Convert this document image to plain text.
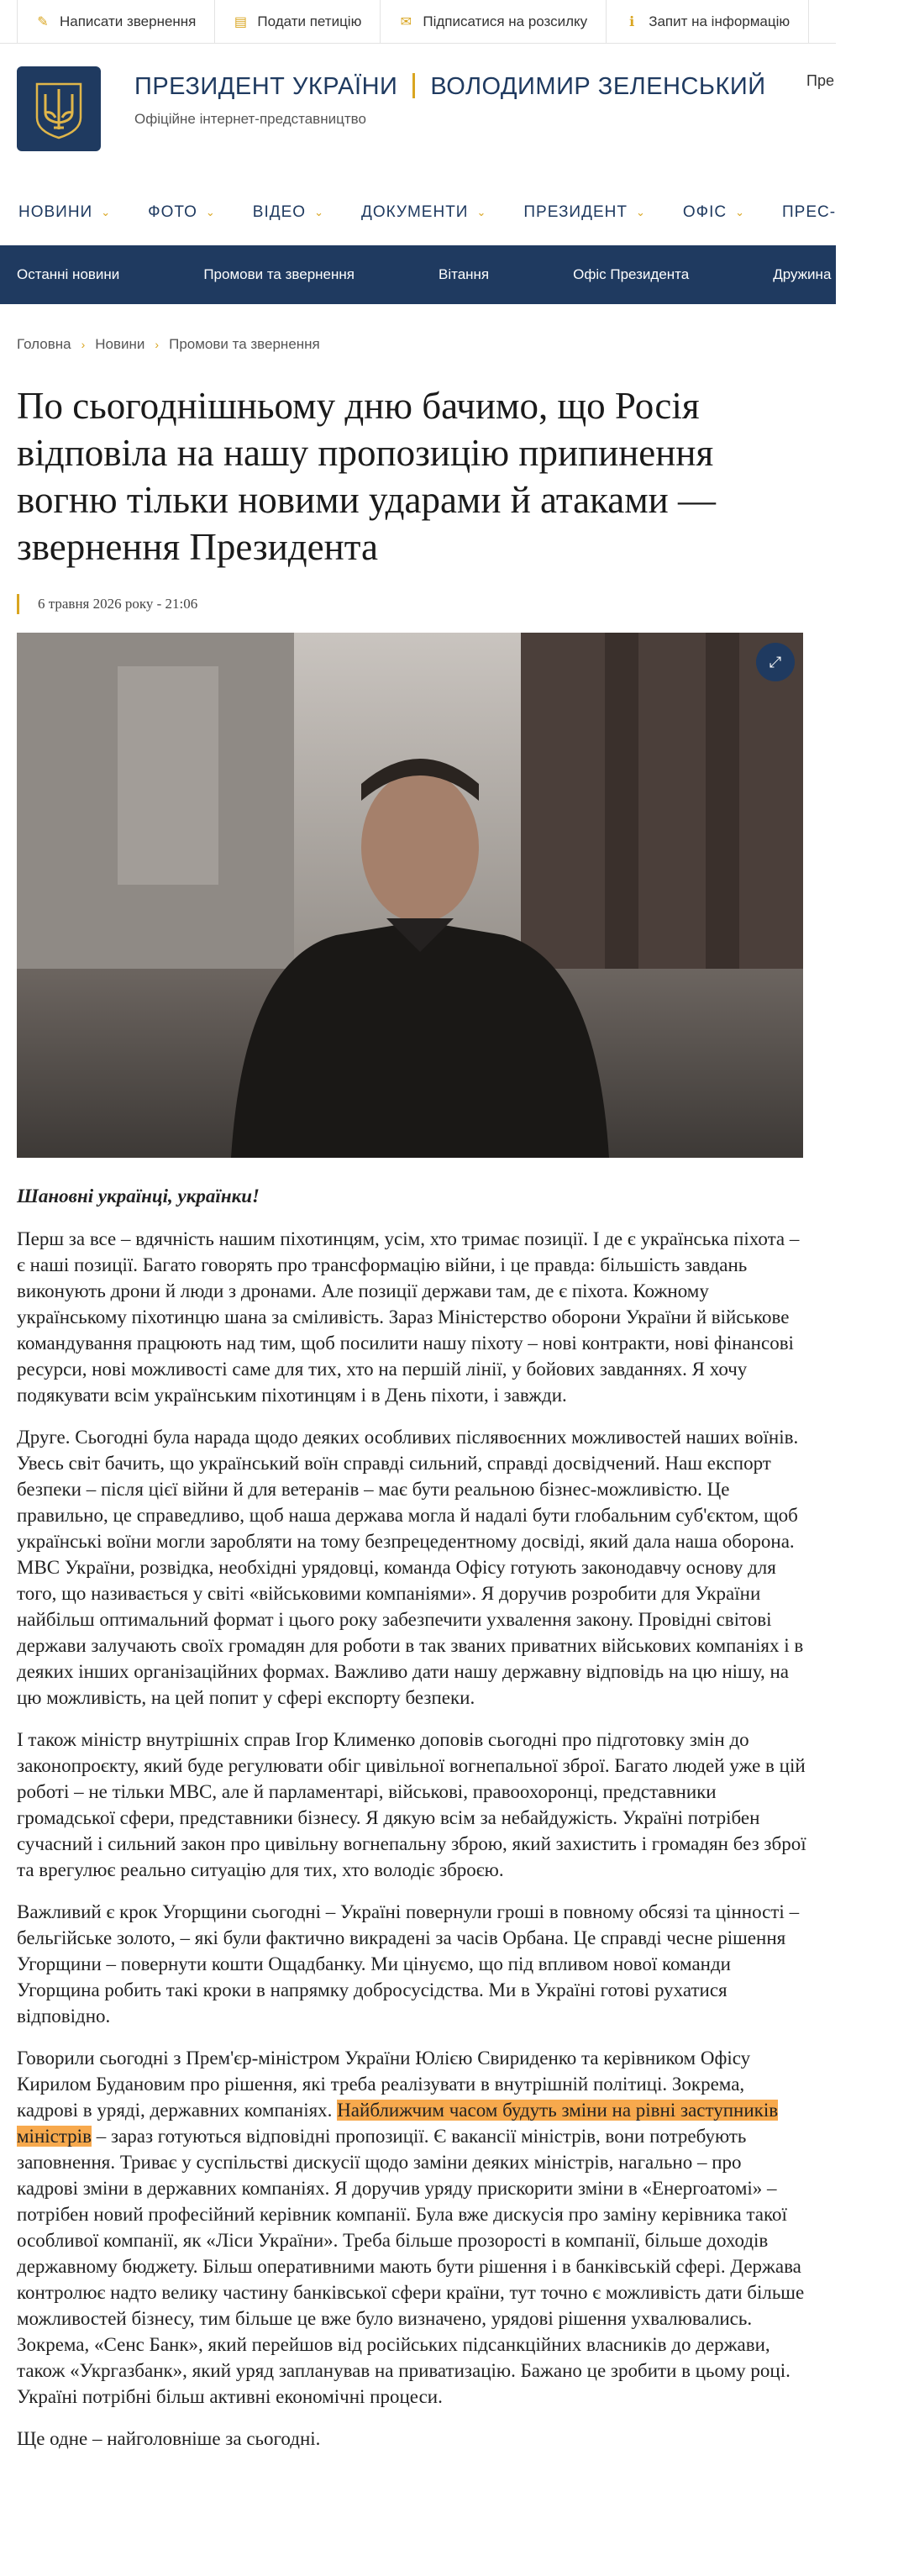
✎ Написати звернення	▤ Подати петицію	✉ Підписатися на розсилку	ℹ Запит на інформацію
ПРЕЗИДЕНТ УКРАЇНИ ВОЛОДИМИР ЗЕЛЕНСЬКИЙ
Офіційне інтернет-представництво
Пре
НОВИНИ ⌄ ФОТО ⌄ ВІДЕО ⌄ ДОКУМЕНТИ ⌄ ПРЕЗИДЕНТ ⌄ ОФІС ⌄ ПРЕС-
Останні новини	Промови та звернення	Вітання	Офіс Президента	Дружина Президента
Головна › Новини › Промови та звернення
По сьогоднішньому дню бачимо, що Росія відповіла на нашу пропозицію припинення вогню тільки новими ударами й атаками — звернення Президента
6 травня 2026 року - 21:06
⤢

Шановні українці, українки!

Перш за все – вдячність нашим піхотинцям, усім, хто тримає позиції. І де є українська піхота – є наші позиції. Багато говорять про трансформацію війни, і це правда: більшість завдань виконують дрони й люди з дронами. Але позиції держави там, де є піхота. Кожному українському піхотинцю шана за сміливість. Зараз Міністерство оборони України й військове командування працюють над тим, щоб посилити нашу піхоту – нові контракти, нові фінансові ресурси, нові можливості саме для тих, хто на першій лінії, у бойових завданнях. Я хочу подякувати всім українським піхотинцям і в День піхоти, і завжди.

Друге. Сьогодні була нарада щодо деяких особливих післявоєнних можливостей наших воїнів. Увесь світ бачить, що український воїн справді сильний, справді досвідчений. Наш експорт безпеки – після цієї війни й для ветеранів – має бути реальною бізнес-можливістю. Це правильно, це справедливо, щоб наша держава могла й надалі бути глобальним суб'єктом, щоб українські воїни могли заробляти на тому безпрецедентному досвіді, який дала наша оборона. МВС України, розвідка, необхідні урядовці, команда Офісу готують законодавчу основу для того, що називається у світі «військовими компаніями». Я доручив розробити для України найбільш оптимальний формат і цього року забезпечити ухвалення закону. Провідні світові держави залучають своїх громадян для роботи в так званих приватних військових компаніях і в деяких інших організаційних формах. Важливо дати нашу державну відповідь на цю нішу, на цю можливість, на цей попит у сфері експорту безпеки.

І також міністр внутрішніх справ Ігор Клименко доповів сьогодні про підготовку змін до законопроєкту, який буде регулювати обіг цивільної вогнепальної зброї. Багато людей уже в цій роботі – не тільки МВС, але й парламентарі, військові, правоохоронці, представники громадської сфери, представники бізнесу. Я дякую всім за небайдужість. Україні потрібен сучасний і сильний закон про цивільну вогнепальну зброю, який захистить і громадян без зброї та врегулює реально ситуацію для тих, хто володіє зброєю.

Важливий є крок Угорщини сьогодні – Україні повернули гроші в повному обсязі та цінності – бельгійське золото, – які були фактично викрадені за часів Орбана. Це справді чесне рішення Угорщини – повернути кошти Ощадбанку. Ми цінуємо, що під впливом нової команди Угорщина робить такі кроки в напрямку добросусідства. Ми в Україні готові рухатися відповідно.

Говорили сьогодні з Прем'єр-міністром України Юлією Свириденко та керівником Офісу Кирилом Будановим про рішення, які треба реалізувати в внутрішній політиці. Зокрема, кадрові в уряді, державних компаніях. Найближчим часом будуть зміни на рівні заступників міністрів – зараз готуються відповідні пропозиції. Є вакансії міністрів, вони потребують заповнення. Триває у суспільстві дискусії щодо заміни деяких міністрів, нагально – про кадрові зміни в державних компаніях. Я доручив уряду прискорити зміни в «Енергоатомі» – потрібен новий професійний керівник компанії. Була вже дискусія про заміну керівника такої особливої компанії, як «Ліси України». Треба більше прозорості в компанії, більше доходів державному бюджету. Більш оперативними мають бути рішення і в банківській сфері. Держава контролює надто велику частину банківської сфери країни, тут точно є можливість дати більше можливостей бізнесу, тим більше це вже було визначено, урядові рішення ухвалювались. Зокрема, «Сенс Банк», який перейшов від російських підсанкційних власників до держави, також «Укргазбанк», який уряд запланував на приватизацію. Бажано це зробити в цьому році. Україні потрібні більш активні економічні процеси.

Ще одне – найголовніше за сьогодні.
